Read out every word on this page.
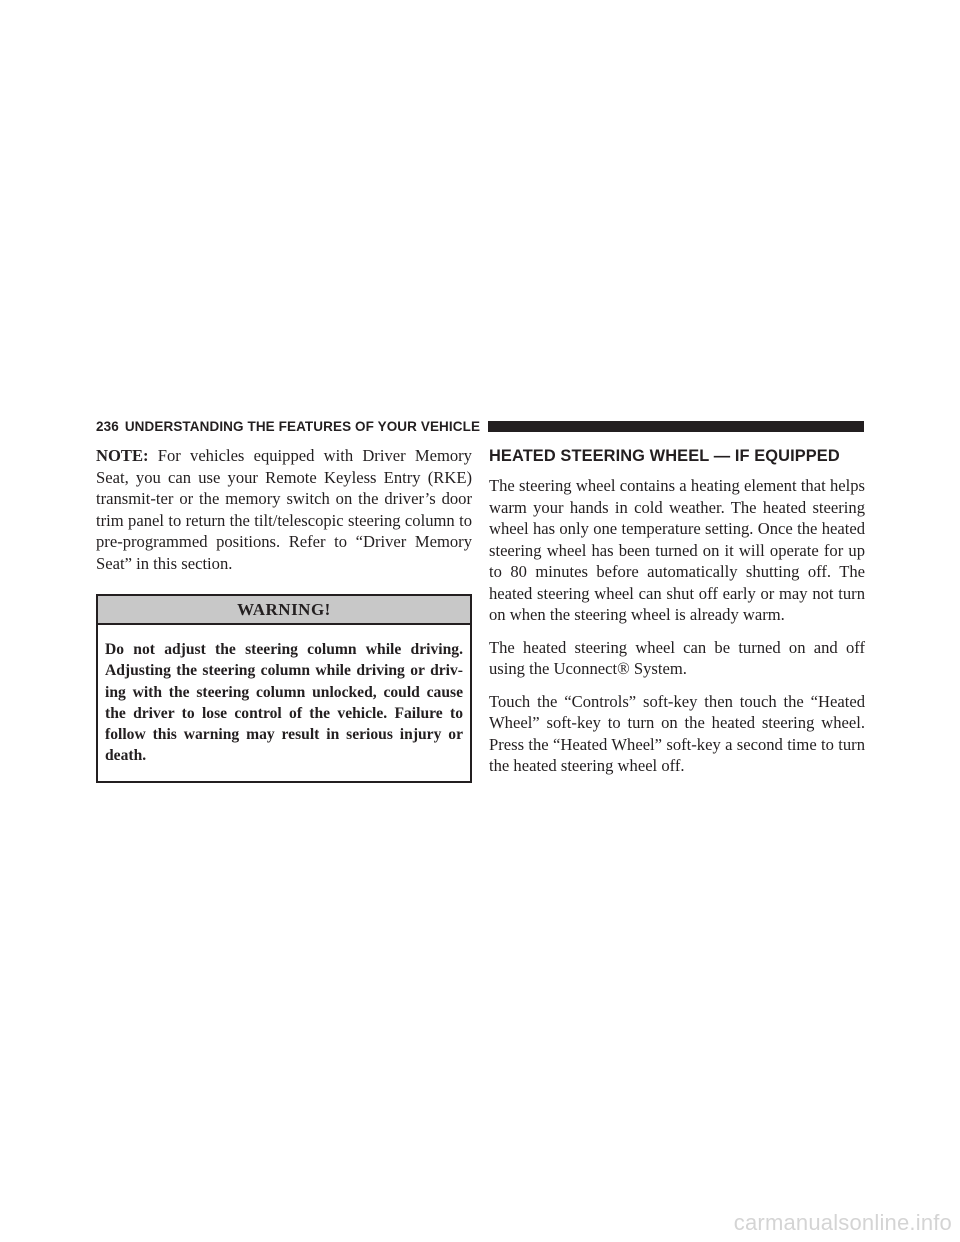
236 UNDERSTANDING THE FEATURES OF YOUR VEHICLE

NOTE: For vehicles equipped with Driver Memory Seat, you can use your Remote Keyless Entry (RKE) transmit-ter or the memory switch on the driver’s door trim panel to return the tilt/telescopic steering column to pre-programmed positions. Refer to “Driver Memory Seat” in this section.

WARNING!
Do not adjust the steering column while driving. Adjusting the steering column while driving or driv-ing with the steering column unlocked, could cause the driver to lose control of the vehicle. Failure to follow this warning may result in serious injury or death.
HEATED STEERING WHEEL — IF EQUIPPED

The steering wheel contains a heating element that helps warm your hands in cold weather. The heated steering wheel has only one temperature setting. Once the heated steering wheel has been turned on it will operate for up to 80 minutes before automatically shutting off. The heated steering wheel can shut off early or may not turn on when the steering wheel is already warm.

The heated steering wheel can be turned on and off using the Uconnect® System.

Touch the “Controls” soft-key then touch the “Heated Wheel” soft-key to turn on the heated steering wheel. Press the “Heated Wheel” soft-key a second time to turn the heated steering wheel off.

carmanualsonline.info
